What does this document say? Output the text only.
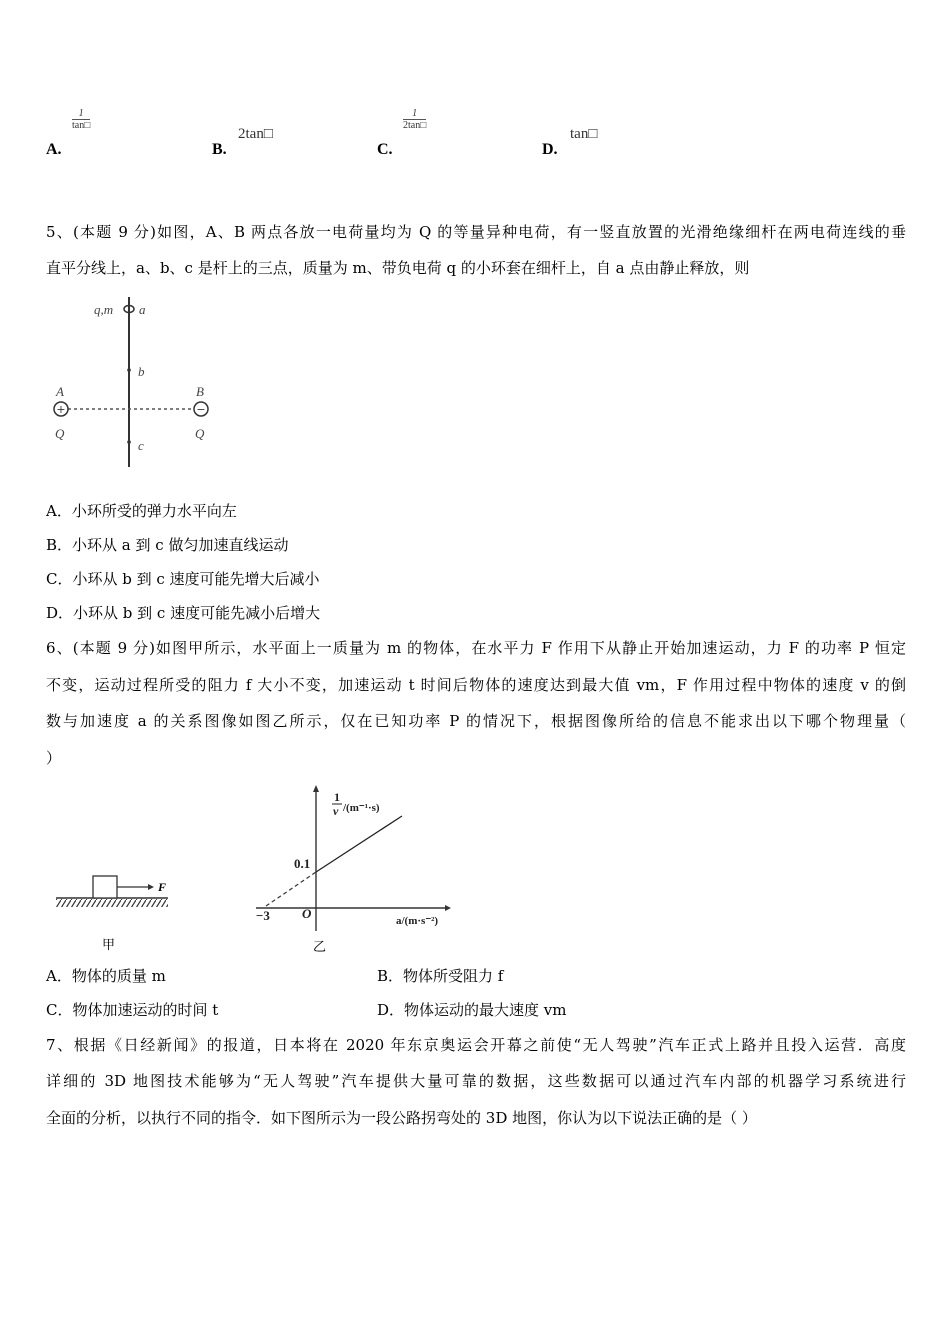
A.
$\frac{1}{\tan□}$
B.
2tan□
C.
$\frac{1}{2\tan□}$
D.
tan□
5、(本题 9 分)如图，A、B 两点各放一电荷量均为 Q 的等量异种电荷，有一竖直放置的光滑绝缘细杆在两电荷连线的垂
直平分线上，a、b、c 是杆上的三点，质量为 m、带负电荷 q 的小环套在细杆上，自 a 点由静止释放，则
q,m a
b
c
A	B
Q	Q
+	−
A．小环所受的弹力水平向左
B．小环从 a 到 c 做匀加速直线运动
C．小环从 b 到 c 速度可能先增大后减小
D．小环从 b 到 c 速度可能先减小后增大
6、(本题 9 分)如图甲所示，水平面上一质量为 m 的物体，在水平力 F 作用下从静止开始加速运动，力 F 的功率 P 恒定
不变，运动过程所受的阻力 f 大小不变，加速运动 t 时间后物体的速度达到最大值 vm，F 作用过程中物体的速度 v 的倒
数与加速度 a 的关系图像如图乙所示，仅在已知功率 P 的情况下，根据图像所给的信息不能求出以下哪个物理量（
）
F
甲
1
v /(m⁻¹·s)
0.1
−3 O	a/(m·s⁻²)
乙
A．物体的质量 m	B．物体所受阻力 f
C．物体加速运动的时间 t	D．物体运动的最大速度 vm
7、根据《日经新闻》的报道，日本将在 2020 年东京奥运会开幕之前使“无人驾驶”汽车正式上路并且投入运营．高度
详细的 3D 地图技术能够为“无人驾驶”汽车提供大量可靠的数据，这些数据可以通过汽车内部的机器学习系统进行
全面的分析，以执行不同的指令．如下图所示为一段公路拐弯处的 3D 地图，你认为以下说法正确的是（ ）
